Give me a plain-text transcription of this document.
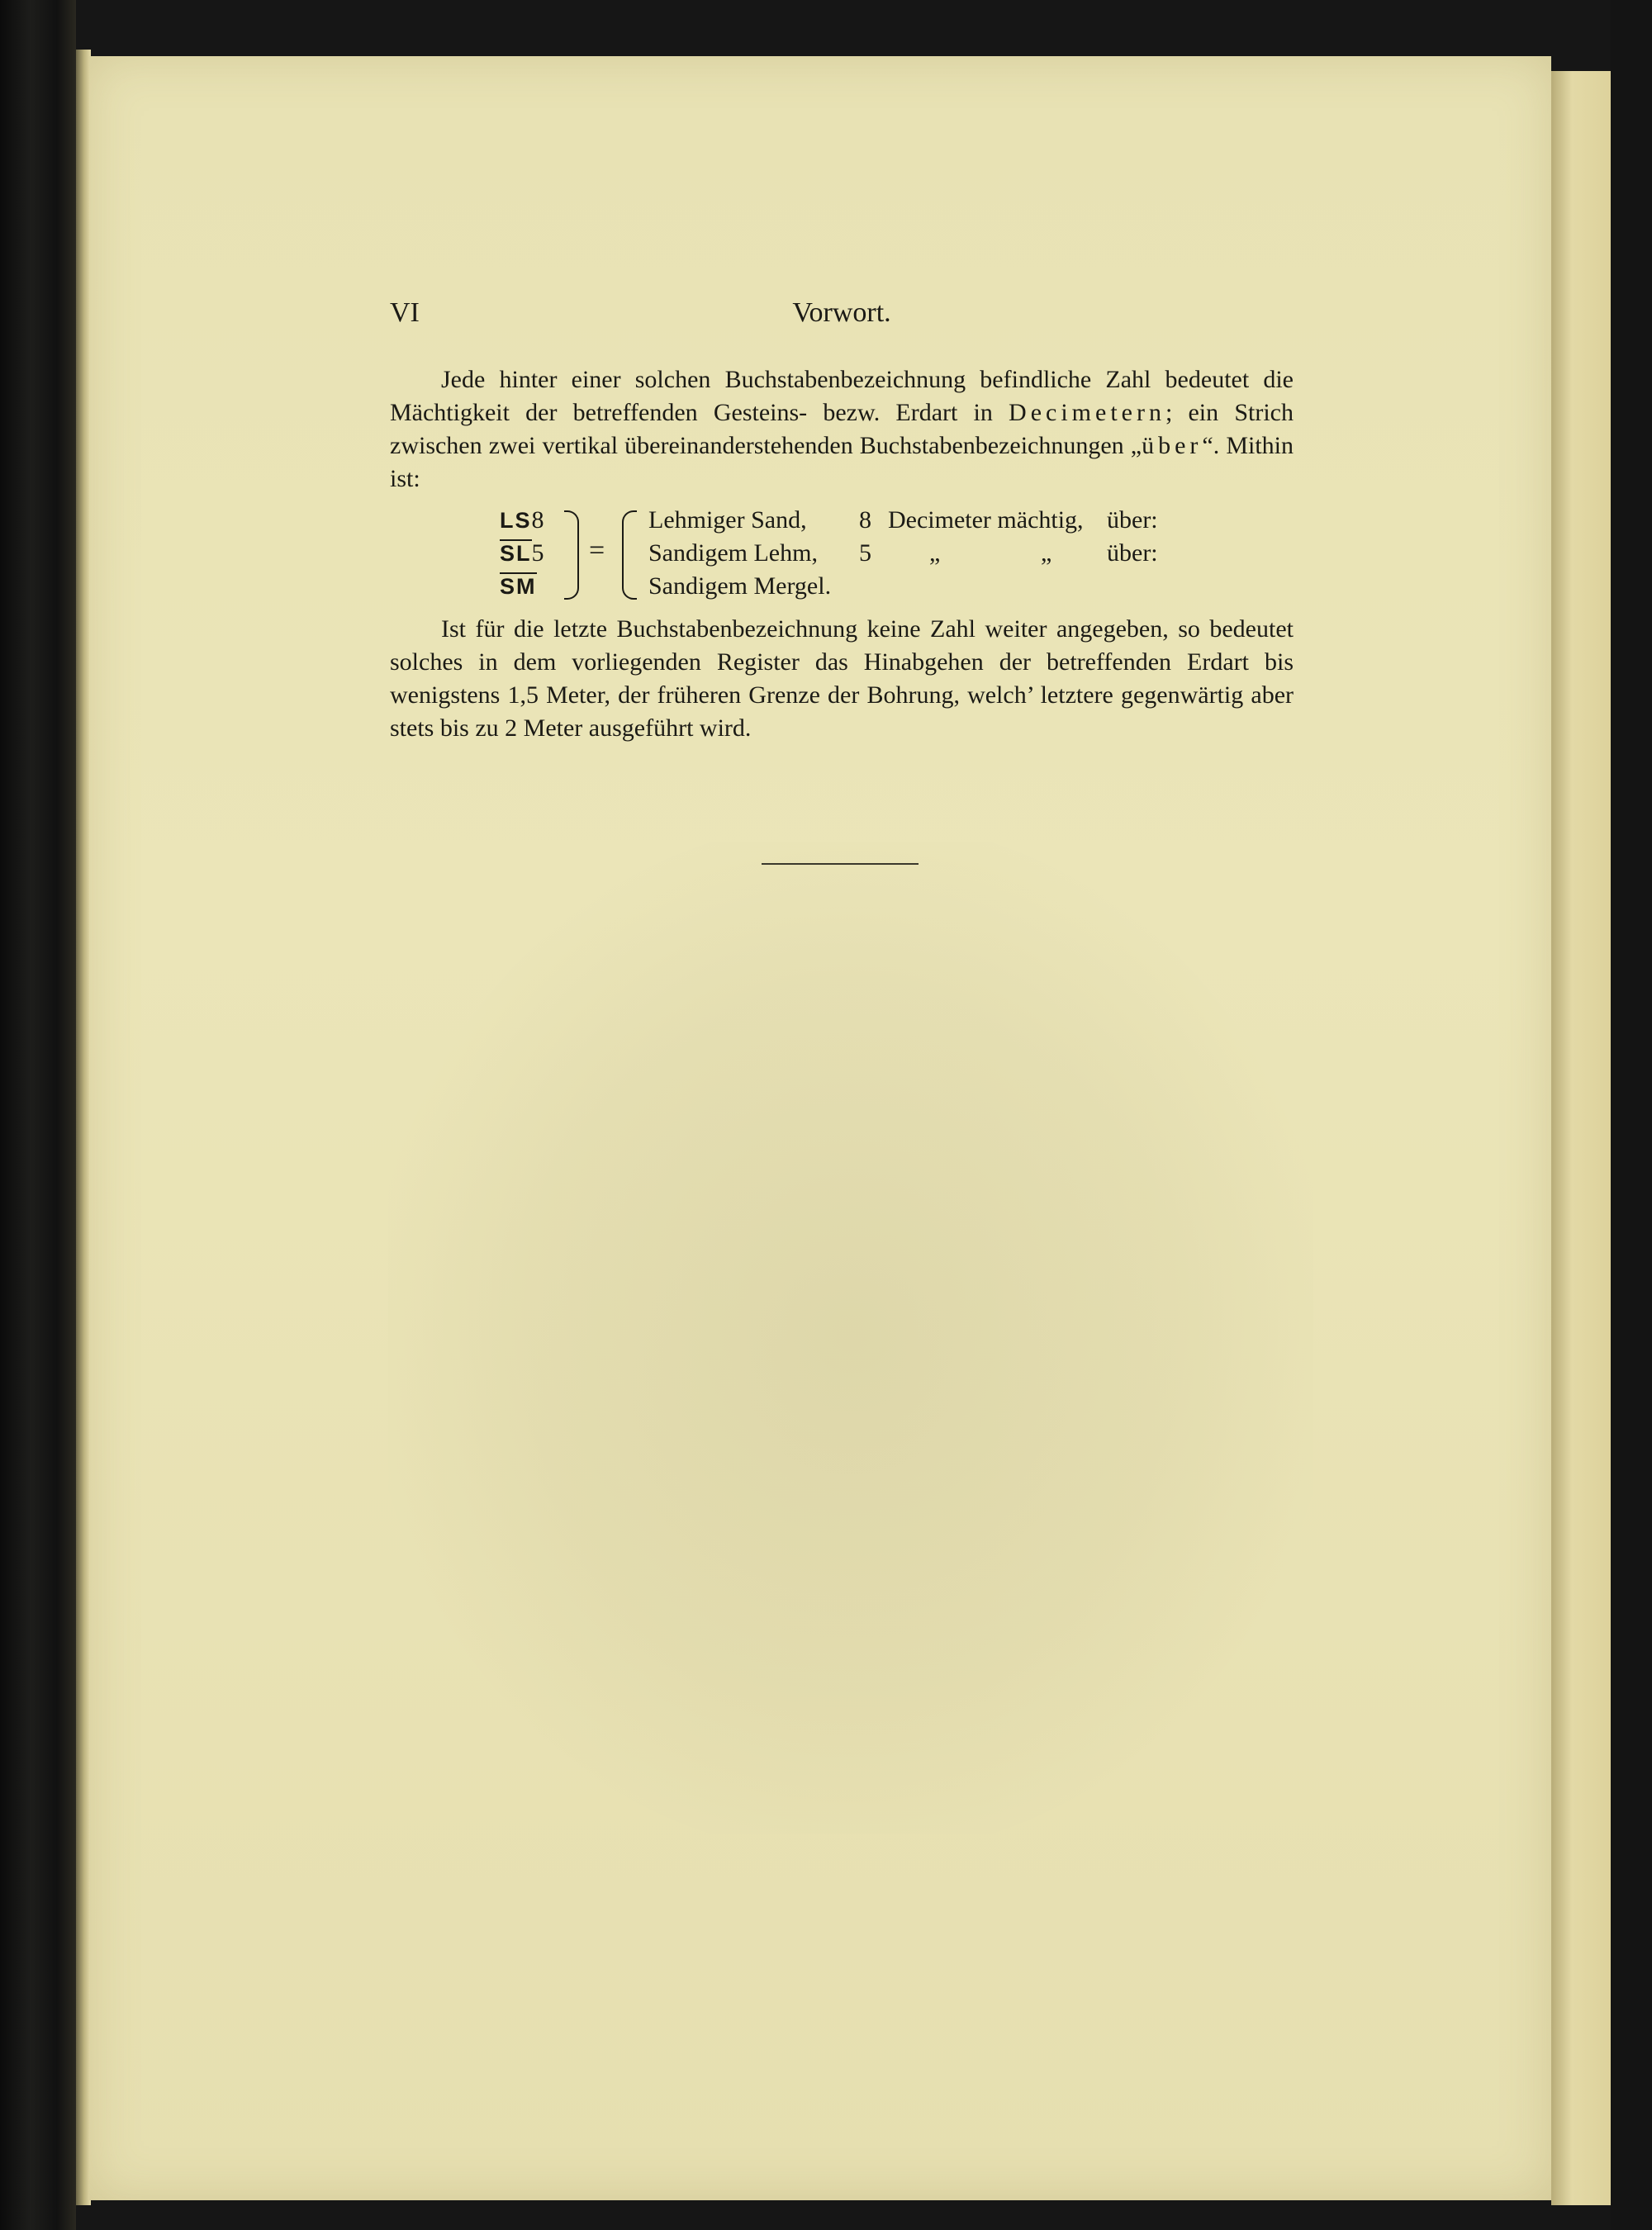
VI	Vorwort.

Jede hinter einer solchen Buchstabenbezeichnung befindliche Zahl bedeutet die Mächtigkeit der betreffenden Gesteins- bezw. Erdart in Decimetern; ein Strich zwischen zwei vertikal übereinanderstehenden Buchstabenbezeichnungen „über“. Mithin ist:

LS8
SL5
SM
=
Lehmiger Sand, 8 Decimeter mächtig, über:
Sandigem Lehm, 5 „	„ über:
Sandigem Mergel.

Ist für die letzte Buchstabenbezeichnung keine Zahl weiter angegeben, so bedeutet solches in dem vorliegenden Register das Hinabgehen der betreffenden Erdart bis wenigstens 1,5 Meter, der früheren Grenze der Bohrung, welch’ letztere gegenwärtig aber stets bis zu 2 Meter ausgeführt wird.
